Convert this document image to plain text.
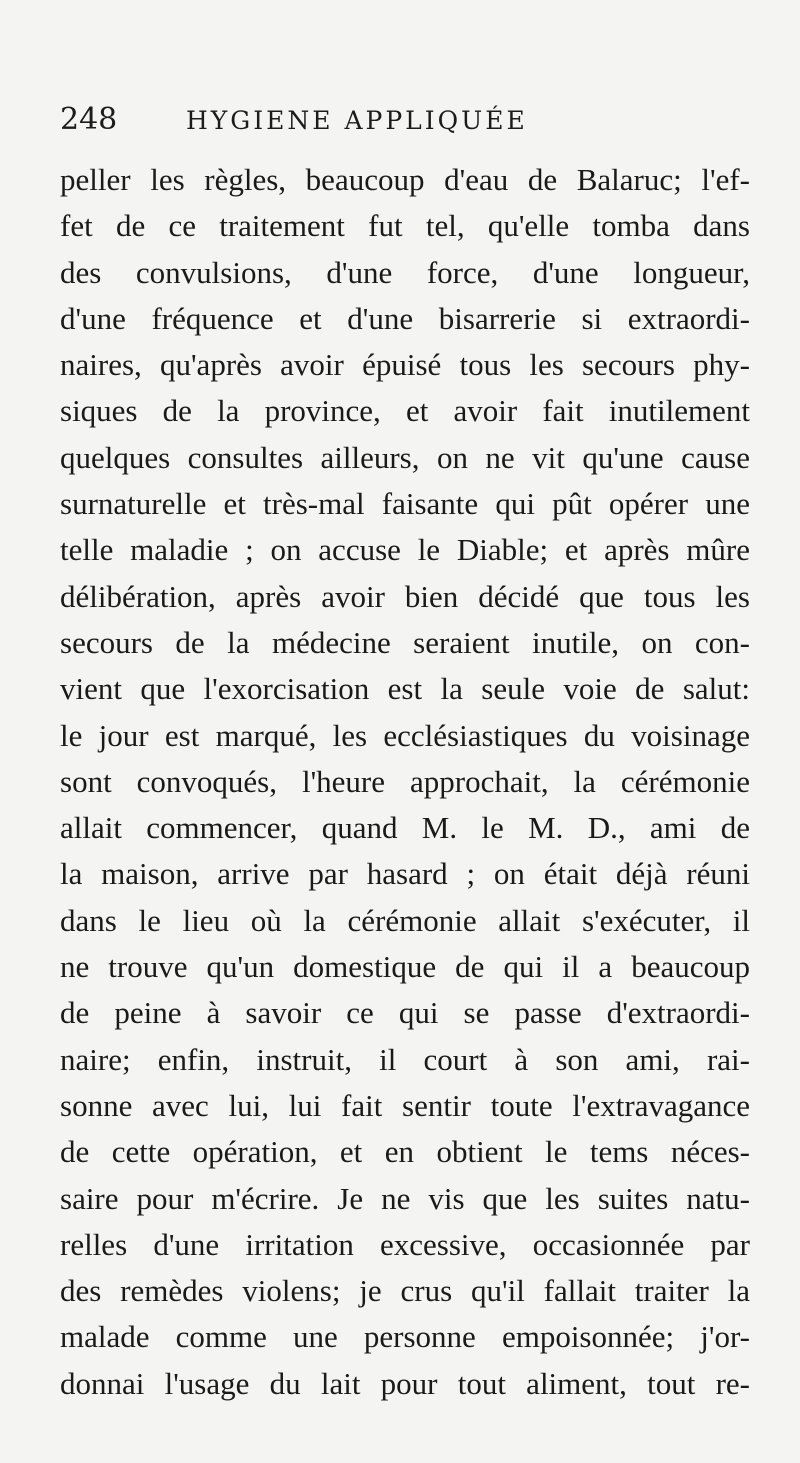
248	HYGIENE APPLIQUÉE
peller les règles, beaucoup d'eau de Balaruc; l'ef-
fet de ce traitement fut tel, qu'elle tomba dans
des convulsions, d'une force, d'une longueur,
d'une fréquence et d'une bisarrerie si extraordi-
naires, qu'après avoir épuisé tous les secours phy-
siques de la province, et avoir fait inutilement
quelques consultes ailleurs, on ne vit qu'une cause
surnaturelle et très-mal faisante qui pût opérer une
telle maladie ; on accuse le Diable; et après mûre
délibération, après avoir bien décidé que tous les
secours de la médecine seraient inutile, on con-
vient que l'exorcisation est la seule voie de salut:
le jour est marqué, les ecclésiastiques du voisinage
sont convoqués, l'heure approchait, la cérémonie
allait commencer, quand M. le M. D., ami de
la maison, arrive par hasard ; on était déjà réuni
dans le lieu où la cérémonie allait s'exécuter, il
ne trouve qu'un domestique de qui il a beaucoup
de peine à savoir ce qui se passe d'extraordi-
naire; enfin, instruit, il court à son ami, rai-
sonne avec lui, lui fait sentir toute l'extravagance
de cette opération, et en obtient le tems néces-
saire pour m'écrire. Je ne vis que les suites natu-
relles d'une irritation excessive, occasionnée par
des remèdes violens; je crus qu'il fallait traiter la
malade comme une personne empoisonnée; j'or-
donnai l'usage du lait pour tout aliment, tout re-
